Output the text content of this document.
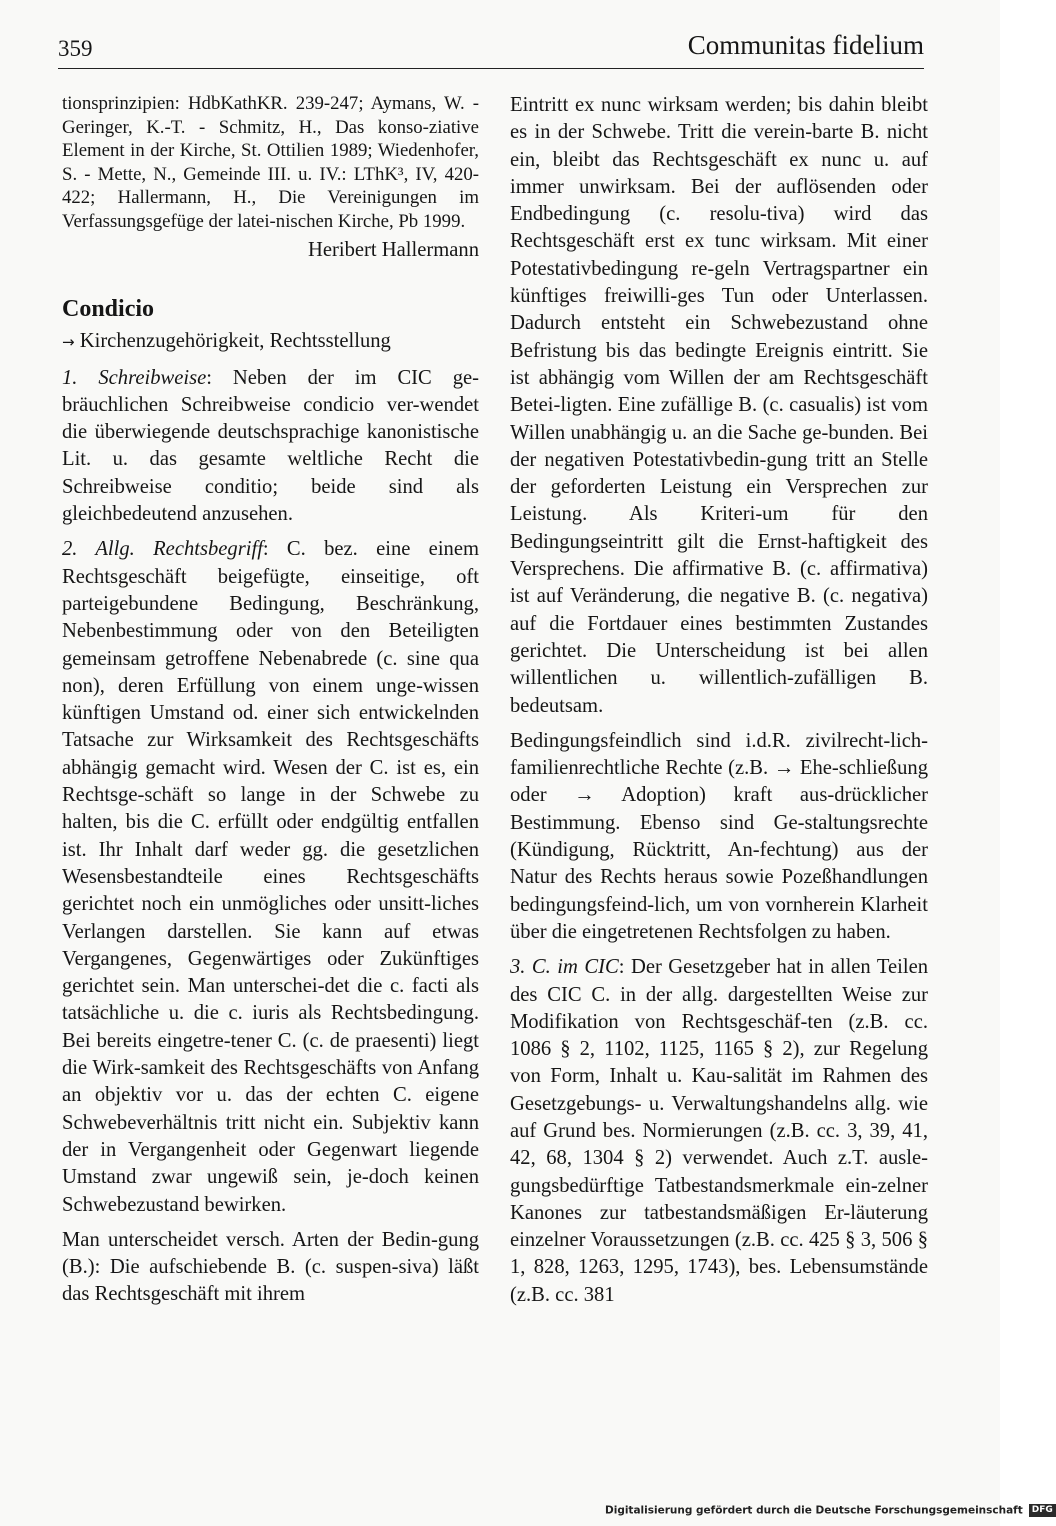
359	Communitas fidelium

tionsprinzipien: HdbKathKR. 239-247; Aymans, W. - Geringer, K.-T. - Schmitz, H., Das konso-ziative Element in der Kirche, St. Ottilien 1989; Wiedenhofer, S. - Mette, N., Gemeinde III. u. IV.: LThK³, IV, 420-422; Hallermann, H., Die Vereinigungen im Verfassungsgefüge der latei-nischen Kirche, Pb 1999.

Heribert Hallermann
Condicio

→ Kirchenzugehörigkeit, Rechtsstellung

1. Schreibweise: Neben der im CIC ge-bräuchlichen Schreibweise condicio ver-wendet die überwiegende deutschsprachige kanonistische Lit. u. das gesamte weltliche Recht die Schreibweise conditio; beide sind als gleichbedeutend anzusehen.

2. Allg. Rechtsbegriff: C. bez. eine einem Rechtsgeschäft beigefügte, einseitige, oft parteigebundene Bedingung, Beschränkung, Nebenbestimmung oder von den Beteiligten gemeinsam getroffene Nebenabrede (c. sine qua non), deren Erfüllung von einem unge-wissen künftigen Umstand od. einer sich entwickelnden Tatsache zur Wirksamkeit des Rechtsgeschäfts abhängig gemacht wird. Wesen der C. ist es, ein Rechtsge-schäft so lange in der Schwebe zu halten, bis die C. erfüllt oder endgültig entfallen ist. Ihr Inhalt darf weder gg. die gesetzlichen Wesensbestandteile eines Rechtsgeschäfts gerichtet noch ein unmögliches oder unsitt-liches Verlangen darstellen. Sie kann auf etwas Vergangenes, Gegenwärtiges oder Zukünftiges gerichtet sein. Man unterschei-det die c. facti als tatsächliche u. die c. iuris als Rechtsbedingung. Bei bereits eingetre-tener C. (c. de praesenti) liegt die Wirk-samkeit des Rechtsgeschäfts von Anfang an objektiv vor u. das der echten C. eigene Schwebeverhältnis tritt nicht ein. Subjektiv kann der in Vergangenheit oder Gegenwart liegende Umstand zwar ungewiß sein, je-doch keinen Schwebezustand bewirken.

Man unterscheidet versch. Arten der Bedin-gung (B.): Die aufschiebende B. (c. suspen-siva) läßt das Rechtsgeschäft mit ihrem

Eintritt ex nunc wirksam werden; bis dahin bleibt es in der Schwebe. Tritt die verein-barte B. nicht ein, bleibt das Rechtsgeschäft ex nunc u. auf immer unwirksam. Bei der auflösenden oder Endbedingung (c. resolu-tiva) wird das Rechtsgeschäft erst ex tunc wirksam. Mit einer Potestativbedingung re-geln Vertragspartner ein künftiges freiwilli-ges Tun oder Unterlassen. Dadurch entsteht ein Schwebezustand ohne Befristung bis das bedingte Ereignis eintritt. Sie ist abhängig vom Willen der am Rechtsgeschäft Betei-ligten. Eine zufällige B. (c. casualis) ist vom Willen unabhängig u. an die Sache ge-bunden. Bei der negativen Potestativbedin-gung tritt an Stelle der geforderten Leistung ein Versprechen zur Leistung. Als Kriteri-um für den Bedingungseintritt gilt die Ernst-haftigkeit des Versprechens. Die affirmative B. (c. affirmativa) ist auf Veränderung, die negative B. (c. negativa) auf die Fortdauer eines bestimmten Zustandes gerichtet. Die Unterscheidung ist bei allen willentlichen u. willentlich-zufälligen B. bedeutsam.

Bedingungsfeindlich sind i.d.R. zivilrecht-lich-familienrechtliche Rechte (z.B. → Ehe-schließung oder → Adoption) kraft aus-drücklicher Bestimmung. Ebenso sind Ge-staltungsrechte (Kündigung, Rücktritt, An-fechtung) aus der Natur des Rechts heraus sowie Pozeßhandlungen bedingungsfeind-lich, um von vornherein Klarheit über die eingetretenen Rechtsfolgen zu haben.

3. C. im CIC: Der Gesetzgeber hat in allen Teilen des CIC C. in der allg. dargestellten Weise zur Modifikation von Rechtsgeschäf-ten (z.B. cc. 1086 § 2, 1102, 1125, 1165 § 2), zur Regelung von Form, Inhalt u. Kau-salität im Rahmen des Gesetzgebungs- u. Verwaltungshandelns allg. wie auf Grund bes. Normierungen (z.B. cc. 3, 39, 41, 42, 68, 1304 § 2) verwendet. Auch z.T. ausle-gungsbedürftige Tatbestandsmerkmale ein-zelner Kanones zur tatbestandsmäßigen Er-läuterung einzelner Voraussetzungen (z.B. cc. 425 § 3, 506 § 1, 828, 1263, 1295, 1743), bes. Lebensumstände (z.B. cc. 381

Digitalisierung gefördert durch die Deutsche Forschungsgemeinschaft DFG
